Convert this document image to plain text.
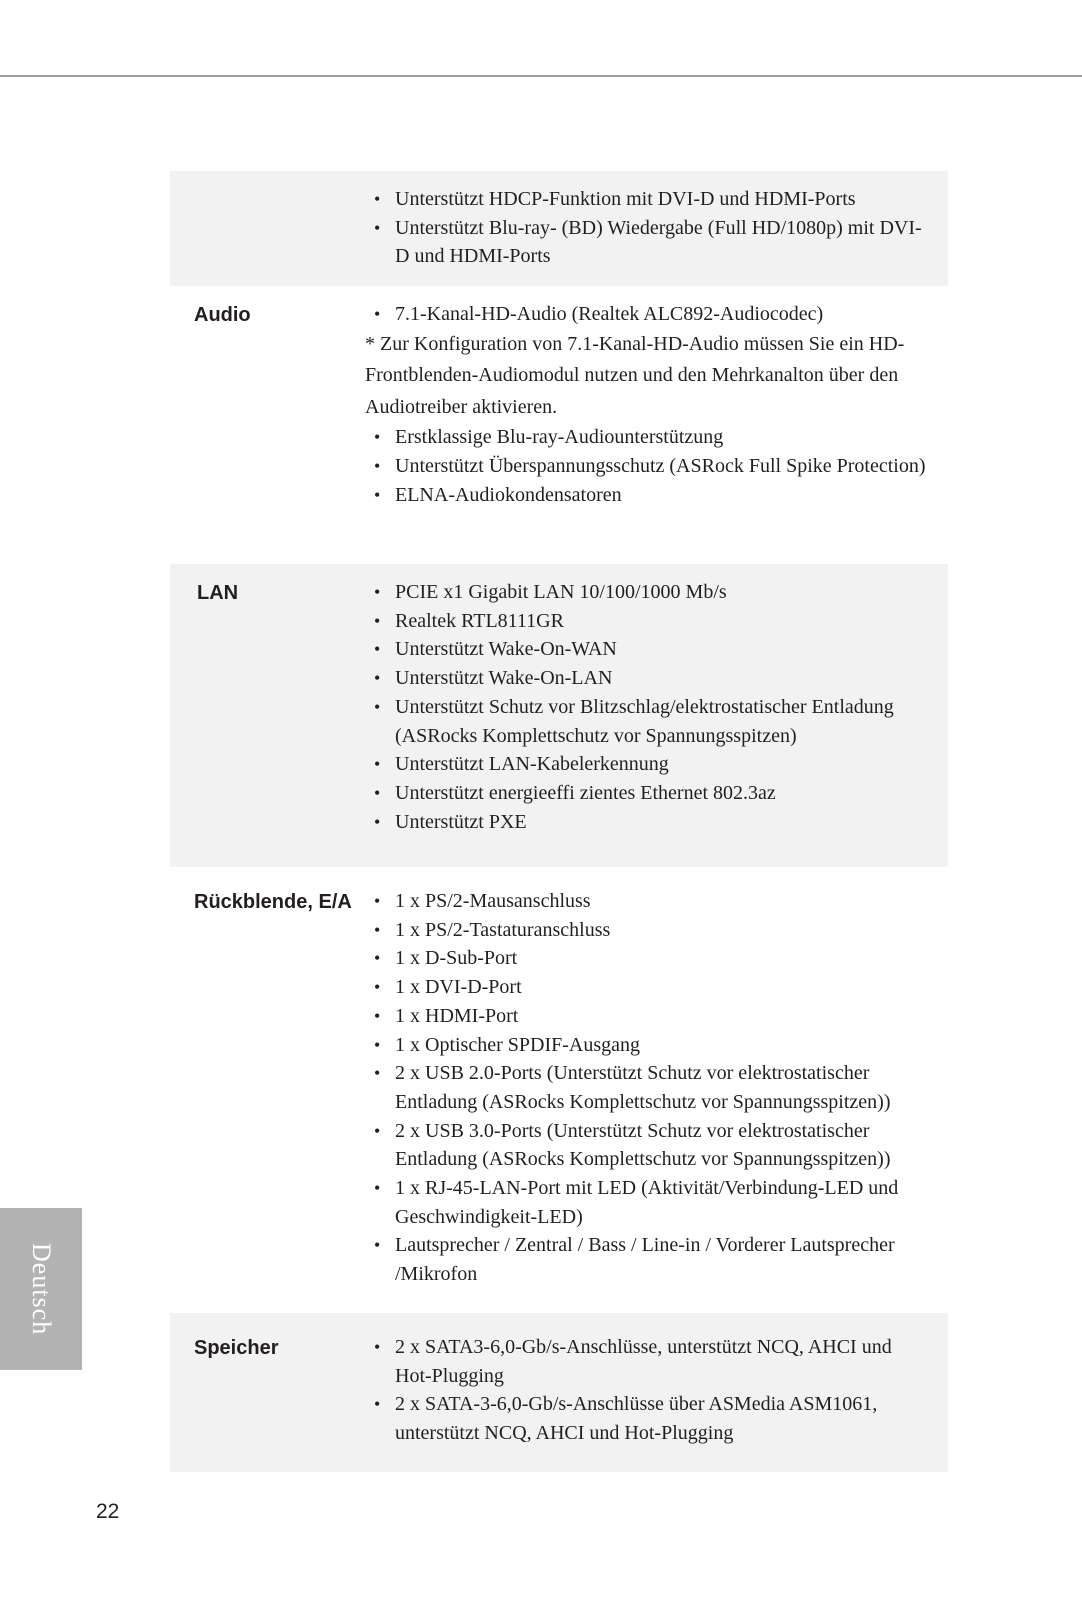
• Unterstützt HDCP-Funktion mit DVI-D und HDMI-Ports
• Unterstützt Blu-ray- (BD) Wiedergabe (Full HD/1080p) mit DVI-D und HDMI-Ports
Audio	• 7.1-Kanal-HD-Audio (Realtek ALC892-Audiocodec)
* Zur Konfiguration von 7.1-Kanal-HD-Audio müssen Sie ein HD-Frontblenden-Audiomodul nutzen und den Mehrkanalton über den Audiotreiber aktivieren.
• Erstklassige Blu-ray-Audiounterstützung
• Unterstützt Überspannungsschutz (ASRock Full Spike Protection)
• ELNA-Audiokondensatoren
LAN	• PCIE x1 Gigabit LAN 10/100/1000 Mb/s
• Realtek RTL8111GR
• Unterstützt Wake-On-WAN
• Unterstützt Wake-On-LAN
• Unterstützt Schutz vor Blitzschlag/elektrostatischer Entladung (ASRocks Komplettschutz vor Spannungsspitzen)
• Unterstützt LAN-Kabelerkennung
• Unterstützt energieeffi zientes Ethernet 802.3az
• Unterstützt PXE
Rückblende, E/A	• 1 x PS/2-Mausanschluss
• 1 x PS/2-Tastaturanschluss
• 1 x D-Sub-Port
• 1 x DVI-D-Port
• 1 x HDMI-Port
• 1 x Optischer SPDIF-Ausgang
• 2 x USB 2.0-Ports (Unterstützt Schutz vor elektrostatischer Entladung (ASRocks Komplettschutz vor Spannungsspitzen))
• 2 x USB 3.0-Ports (Unterstützt Schutz vor elektrostatischer Entladung (ASRocks Komplettschutz vor Spannungsspitzen))
• 1 x RJ-45-LAN-Port mit LED (Aktivität/Verbindung-LED und Geschwindigkeit-LED)
• Lautsprecher / Zentral / Bass / Line-in / Vorderer Lautsprecher /Mikrofon
Speicher	• 2 x SATA3-6,0-Gb/s-Anschlüsse, unterstützt NCQ, AHCI und Hot-Plugging
• 2 x SATA-3-6,0-Gb/s-Anschlüsse über ASMedia ASM1061, unterstützt NCQ, AHCI und Hot-Plugging
Deutsch
22
